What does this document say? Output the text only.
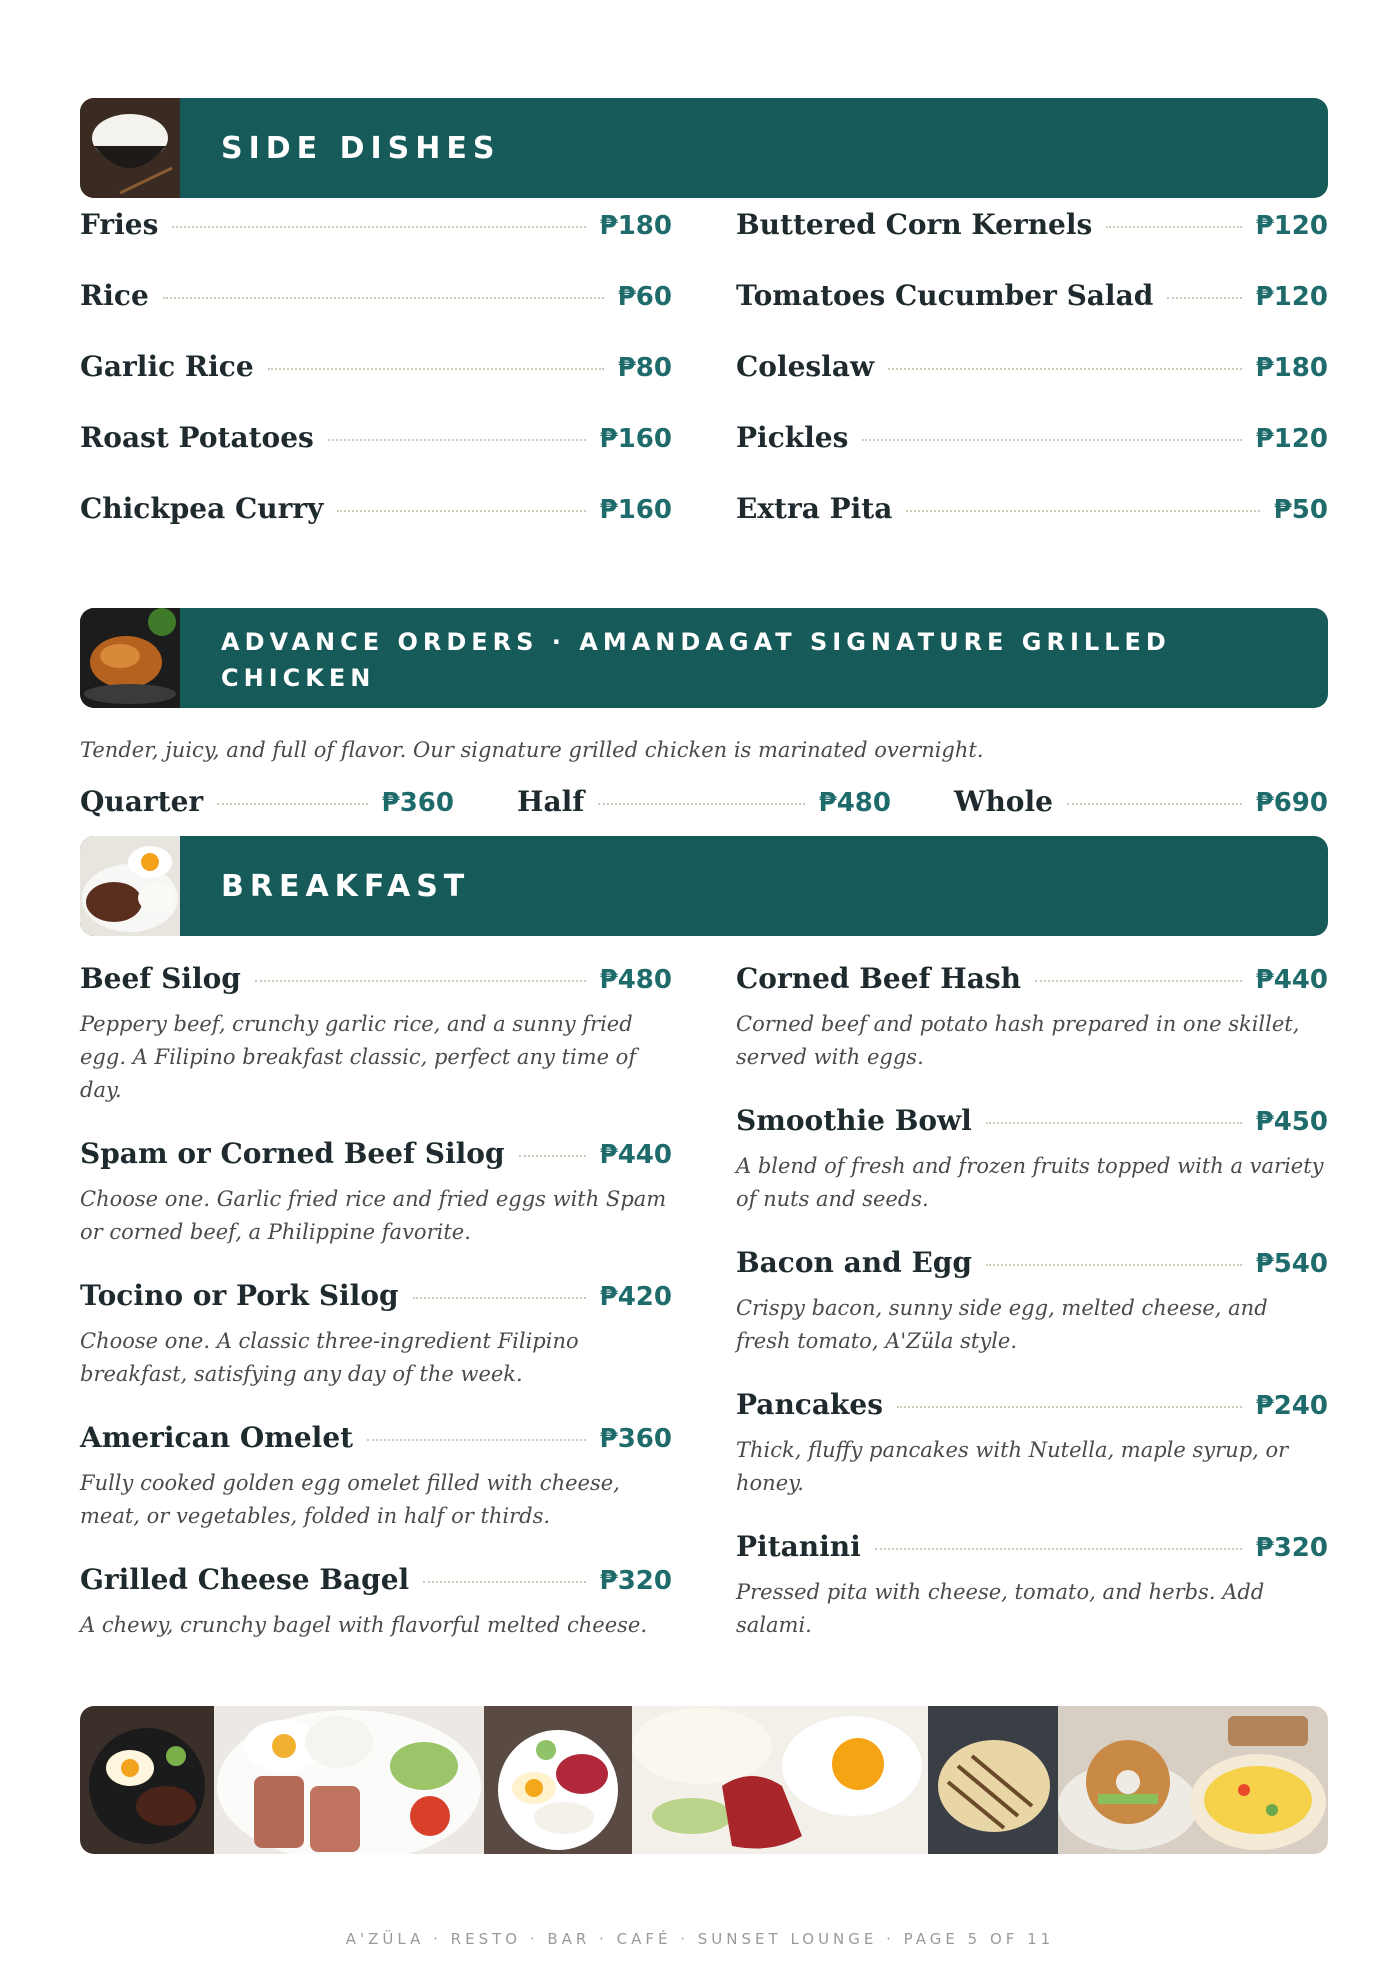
SIDE DISHES
Fries	₱180
Rice	₱60
Garlic Rice	₱80
Roast Potatoes	₱160
Chickpea Curry	₱160
Buttered Corn Kernels	₱120
Tomatoes Cucumber Salad	₱120
Coleslaw	₱180
Pickles	₱120
Extra Pita	₱50
ADVANCE ORDERS · AMANDAGAT SIGNATURE GRILLED
CHICKEN
Tender, juicy, and full of flavor. Our signature grilled chicken is marinated overnight.
Quarter	₱360 Half	₱480 Whole	₱690
BREAKFAST
Beef Silog	₱480
Peppery beef, crunchy garlic rice, and a sunny fried egg. A Filipino breakfast classic, perfect any time of day.
Spam or Corned Beef Silog	₱440
Choose one. Garlic fried rice and fried eggs with Spam or corned beef, a Philippine favorite.
Tocino or Pork Silog	₱420
Choose one. A classic three-ingredient Filipino breakfast, satisfying any day of the week.
American Omelet	₱360
Fully cooked golden egg omelet filled with cheese, meat, or vegetables, folded in half or thirds.
Grilled Cheese Bagel	₱320
A chewy, crunchy bagel with flavorful melted cheese.
Corned Beef Hash	₱440
Corned beef and potato hash prepared in one skillet, served with eggs.
Smoothie Bowl	₱450
A blend of fresh and frozen fruits topped with a variety of nuts and seeds.
Bacon and Egg	₱540
Crispy bacon, sunny side egg, melted cheese, and fresh tomato, A'Züla style.
Pancakes	₱240
Thick, fluffy pancakes with Nutella, maple syrup, or honey.
Pitanini	₱320
Pressed pita with cheese, tomato, and herbs. Add salami.
A'ZÜLA · RESTO · BAR · CAFÉ · SUNSET LOUNGE · PAGE 5 OF 11
